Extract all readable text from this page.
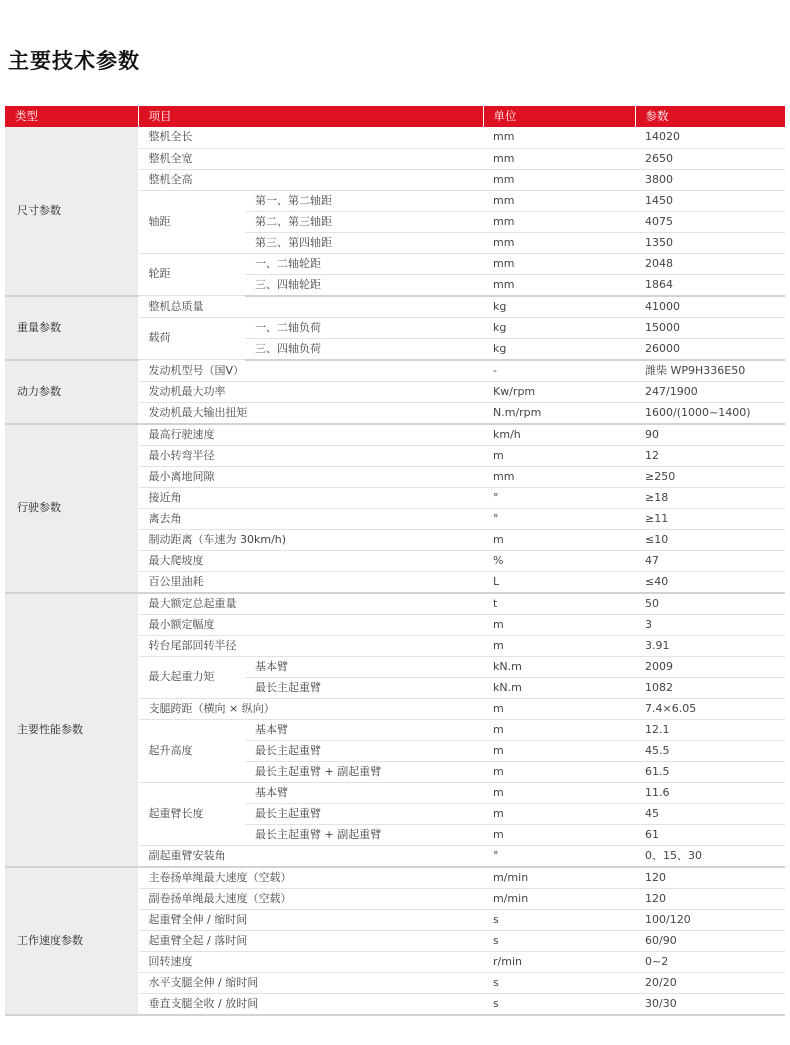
主要技术参数
类型	项目		单位	参数
尺寸参数	整机全长		mm	14020
	整机全宽		mm	2650
	整机全高		mm	3800
	轴距	第一、第二轴距	mm	1450
		第二、第三轴距	mm	4075
		第三、第四轴距	mm	1350
	轮距	一、二轴轮距	mm	2048
		三、四轴轮距	mm	1864
重量参数	整机总质量		kg	41000
	载荷	一、二轴负荷	kg	15000
		三、四轴负荷	kg	26000
动力参数	发动机型号（国Ⅴ）		-	潍柴 WP9H336E50
	发动机最大功率		Kw/rpm	247/1900
	发动机最大输出扭矩		N.m/rpm	1600/(1000~1400)
行驶参数	最高行驶速度		km/h	90
	最小转弯半径		m	12
	最小离地间隙		mm	≥250
	接近角		°	≥18
	离去角		°	≥11
	制动距离（车速为 30km/h)		m	≤10
	最大爬坡度		%	47
	百公里油耗		L	≤40
主要性能参数	最大额定总起重量		t	50
	最小额定幅度		m	3
	转台尾部回转半径		m	3.91
	最大起重力矩	基本臂	kN.m	2009
		最长主起重臂	kN.m	1082
	支腿跨距（横向 × 纵向）		m	7.4×6.05
	起升高度	基本臂	m	12.1
		最长主起重臂	m	45.5
		最长主起重臂 + 副起重臂	m	61.5
	起重臂长度	基本臂	m	11.6
		最长主起重臂	m	45
		最长主起重臂 + 副起重臂	m	61
	副起重臂安装角		°	0、15、30
工作速度参数	主卷扬单绳最大速度（空载）		m/min	120
	副卷扬单绳最大速度（空载）		m/min	120
	起重臂全伸 / 缩时间		s	100/120
	起重臂全起 / 落时间		s	60/90
	回转速度		r/min	0~2
	水平支腿全伸 / 缩时间		s	20/20
	垂直支腿全收 / 放时间		s	30/30
